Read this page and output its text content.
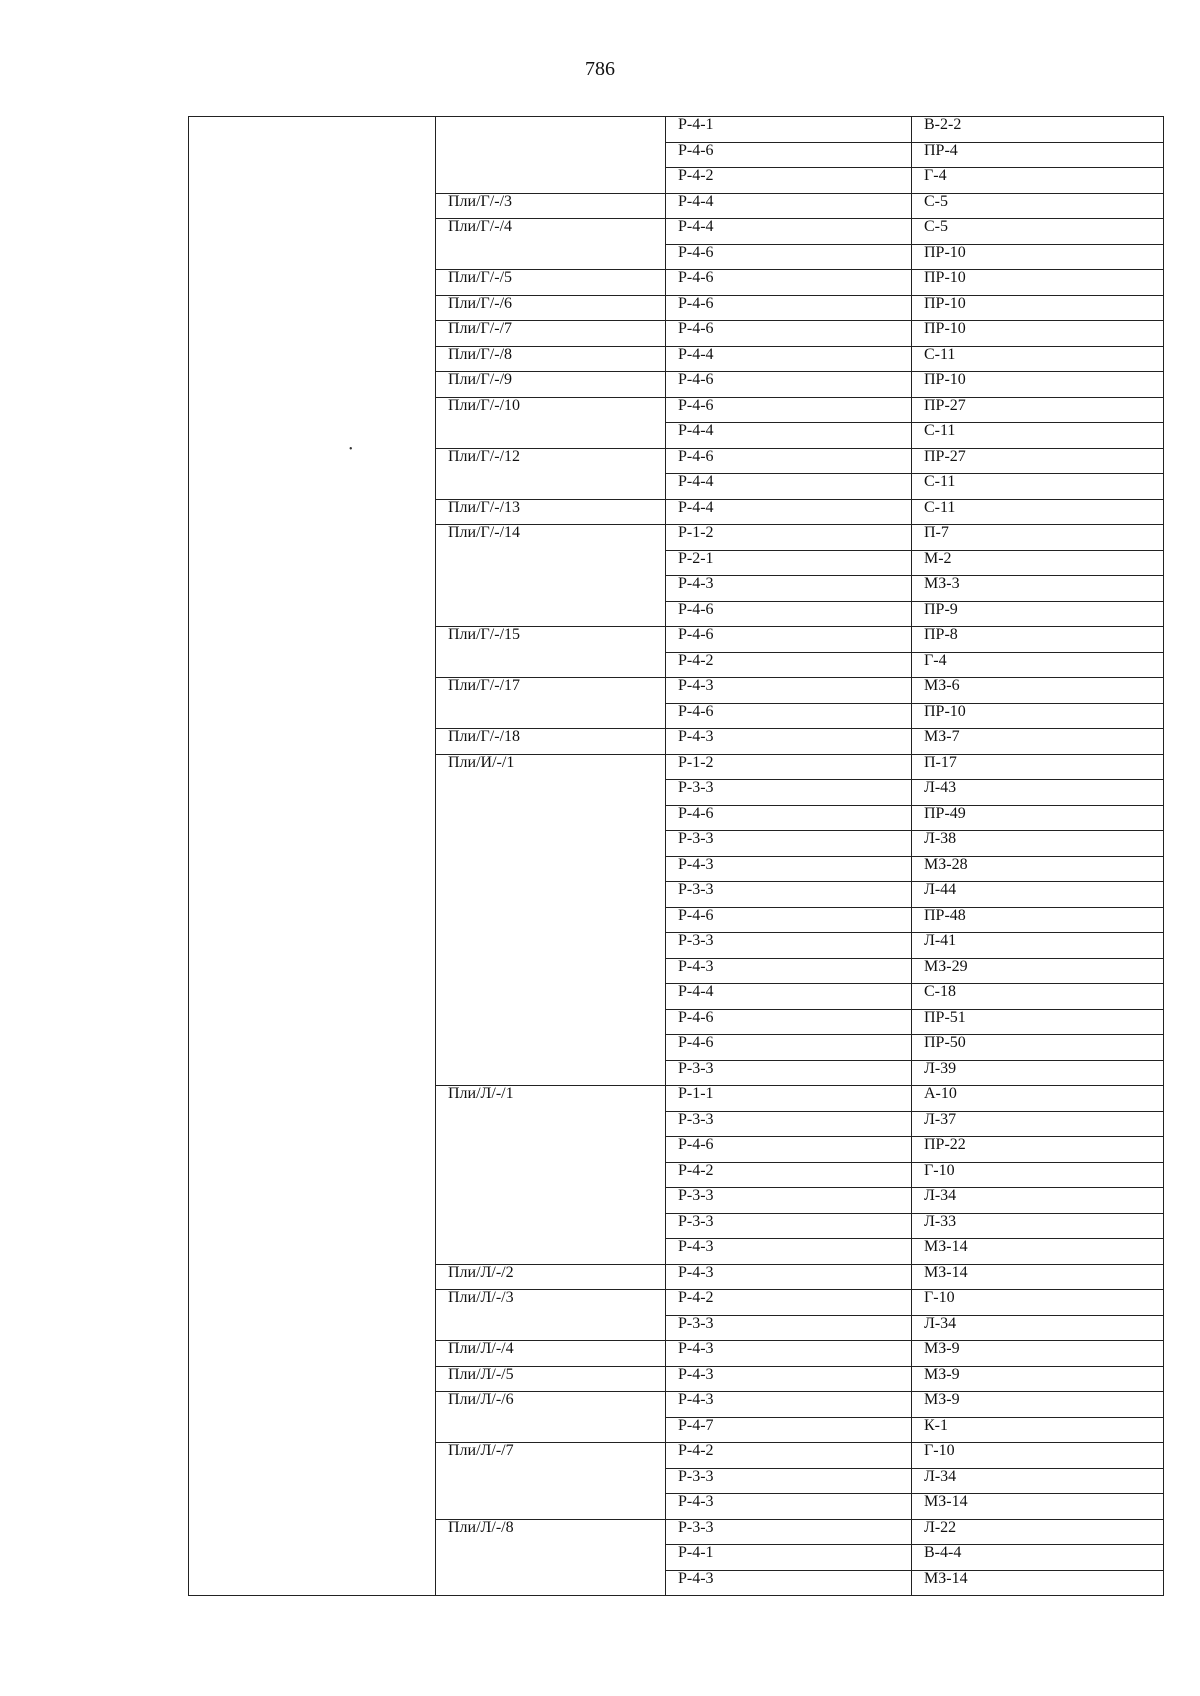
786
		Р-4-1	В-2-2
		Р-4-6	ПР-4
		Р-4-2	Г-4
	Пли/Г/-/3	Р-4-4	С-5
	Пли/Г/-/4	Р-4-4	С-5
		Р-4-6	ПР-10
	Пли/Г/-/5	Р-4-6	ПР-10
	Пли/Г/-/6	Р-4-6	ПР-10
	Пли/Г/-/7	Р-4-6	ПР-10
	Пли/Г/-/8	Р-4-4	С-11
	Пли/Г/-/9	Р-4-6	ПР-10
	Пли/Г/-/10	Р-4-6	ПР-27
		Р-4-4	С-11
	Пли/Г/-/12	Р-4-6	ПР-27
		Р-4-4	С-11
	Пли/Г/-/13	Р-4-4	С-11
	Пли/Г/-/14	Р-1-2	П-7
		Р-2-1	М-2
		Р-4-3	МЗ-3
		Р-4-6	ПР-9
	Пли/Г/-/15	Р-4-6	ПР-8
		Р-4-2	Г-4
	Пли/Г/-/17	Р-4-3	МЗ-6
		Р-4-6	ПР-10
	Пли/Г/-/18	Р-4-3	МЗ-7
	Пли/И/-/1	Р-1-2	П-17
		Р-3-3	Л-43
		Р-4-6	ПР-49
		Р-3-3	Л-38
		Р-4-3	МЗ-28
		Р-3-3	Л-44
		Р-4-6	ПР-48
		Р-3-3	Л-41
		Р-4-3	МЗ-29
		Р-4-4	С-18
		Р-4-6	ПР-51
		Р-4-6	ПР-50
		Р-3-3	Л-39
	Пли/Л/-/1	Р-1-1	А-10
		Р-3-3	Л-37
		Р-4-6	ПР-22
		Р-4-2	Г-10
		Р-3-3	Л-34
		Р-3-3	Л-33
		Р-4-3	МЗ-14
	Пли/Л/-/2	Р-4-3	МЗ-14
	Пли/Л/-/3	Р-4-2	Г-10
		Р-3-3	Л-34
	Пли/Л/-/4	Р-4-3	МЗ-9
	Пли/Л/-/5	Р-4-3	МЗ-9
	Пли/Л/-/6	Р-4-3	МЗ-9
		Р-4-7	К-1
	Пли/Л/-/7	Р-4-2	Г-10
		Р-3-3	Л-34
		Р-4-3	МЗ-14
	Пли/Л/-/8	Р-3-3	Л-22
		Р-4-1	В-4-4
		Р-4-3	МЗ-14
•
